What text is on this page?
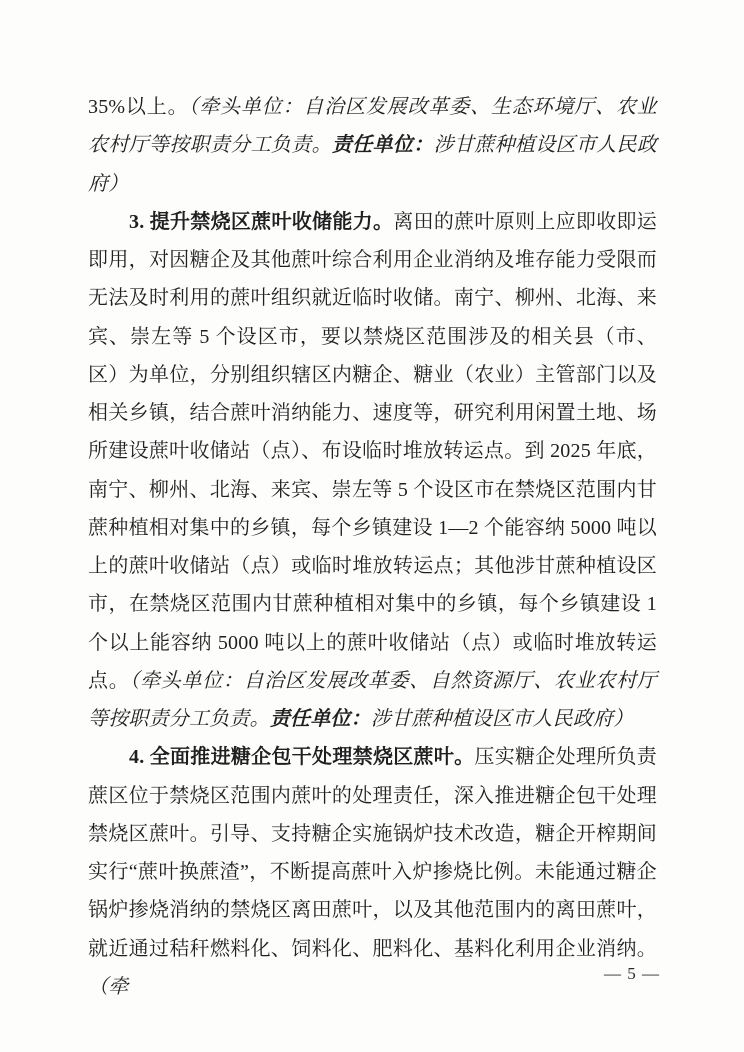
35%以上。（牵头单位：自治区发展改革委、生态环境厅、农业农村厅等按职责分工负责。责任单位：涉甘蔗种植设区市人民政府）

3. 提升禁烧区蔗叶收储能力。离田的蔗叶原则上应即收即运即用，对因糖企及其他蔗叶综合利用企业消纳及堆存能力受限而无法及时利用的蔗叶组织就近临时收储。南宁、柳州、北海、来宾、崇左等 5 个设区市，要以禁烧区范围涉及的相关县（市、区）为单位，分别组织辖区内糖企、糖业（农业）主管部门以及相关乡镇，结合蔗叶消纳能力、速度等，研究利用闲置土地、场所建设蔗叶收储站（点）、布设临时堆放转运点。到 2025 年底，南宁、柳州、北海、来宾、崇左等 5 个设区市在禁烧区范围内甘蔗种植相对集中的乡镇，每个乡镇建设 1—2 个能容纳 5000 吨以上的蔗叶收储站（点）或临时堆放转运点；其他涉甘蔗种植设区市，在禁烧区范围内甘蔗种植相对集中的乡镇，每个乡镇建设 1 个以上能容纳 5000 吨以上的蔗叶收储站（点）或临时堆放转运点。（牵头单位：自治区发展改革委、自然资源厅、农业农村厅等按职责分工负责。责任单位：涉甘蔗种植设区市人民政府）

4. 全面推进糖企包干处理禁烧区蔗叶。压实糖企处理所负责蔗区位于禁烧区范围内蔗叶的处理责任，深入推进糖企包干处理禁烧区蔗叶。引导、支持糖企实施锅炉技术改造，糖企开榨期间实行“蔗叶换蔗渣”，不断提高蔗叶入炉掺烧比例。未能通过糖企锅炉掺烧消纳的禁烧区离田蔗叶，以及其他范围内的离田蔗叶，就近通过秸秆燃料化、饲料化、肥料化、基料化利用企业消纳。（牵

— 5 —
